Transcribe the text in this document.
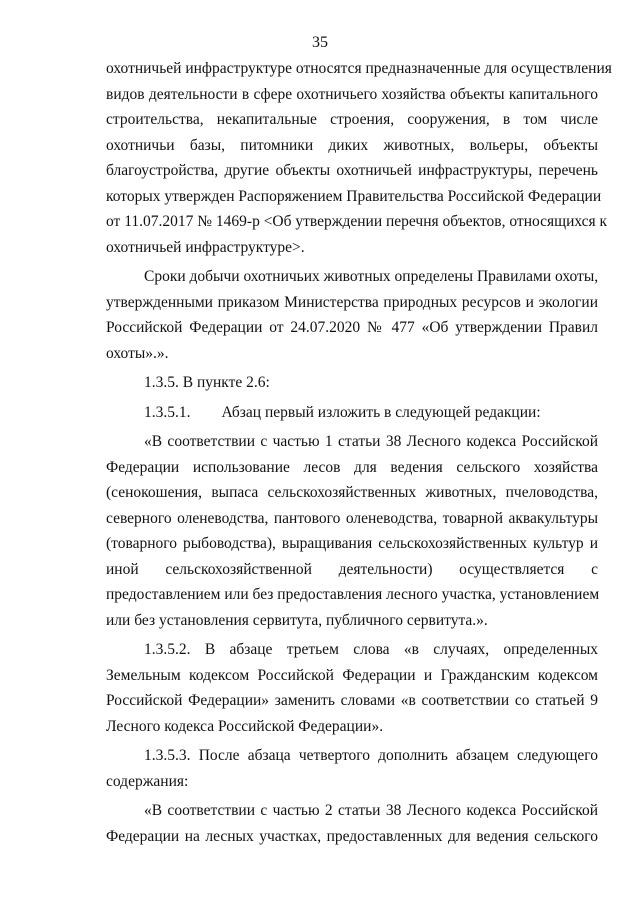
35
охотничьей инфраструктуре относятся предназначенные для осуществления
видов деятельности в сфере охотничьего хозяйства объекты капитального
строительства, некапитальные строения, сооружения, в том числе
охотничьи базы, питомники диких животных, вольеры, объекты
благоустройства, другие объекты охотничьей инфраструктуры, перечень
которых утвержден Распоряжением Правительства Российской Федерации
от 11.07.2017 № 1469-р <Об утверждении перечня объектов, относящихся к
охотничьей инфраструктуре>.
Сроки добычи охотничьих животных определены Правилами охоты,
утвержденными приказом Министерства природных ресурсов и экологии
Российской Федерации от 24.07.2020 № 477 «Об утверждении Правил
охоты».».
1.3.5. В пункте 2.6:
1.3.5.1.        Абзац первый изложить в следующей редакции:
«В соответствии с частью 1 статьи 38 Лесного кодекса Российской
Федерации использование лесов для ведения сельского хозяйства
(сенокошения, выпаса сельскохозяйственных животных, пчеловодства,
северного оленеводства, пантового оленеводства, товарной аквакультуры
(товарного рыбоводства), выращивания сельскохозяйственных культур и
иной сельскохозяйственной деятельности) осуществляется с
предоставлением или без предоставления лесного участка, установлением
или без установления сервитута, публичного сервитута.».
1.3.5.2. В абзаце третьем слова «в случаях, определенных
Земельным кодексом Российской Федерации и Гражданским кодексом
Российской Федерации» заменить словами «в соответствии со статьей 9
Лесного кодекса Российской Федерации».
1.3.5.3. После абзаца четвертого дополнить абзацем следующего
содержания:
«В соответствии с частью 2 статьи 38 Лесного кодекса Российской
Федерации на лесных участках, предоставленных для ведения сельского
